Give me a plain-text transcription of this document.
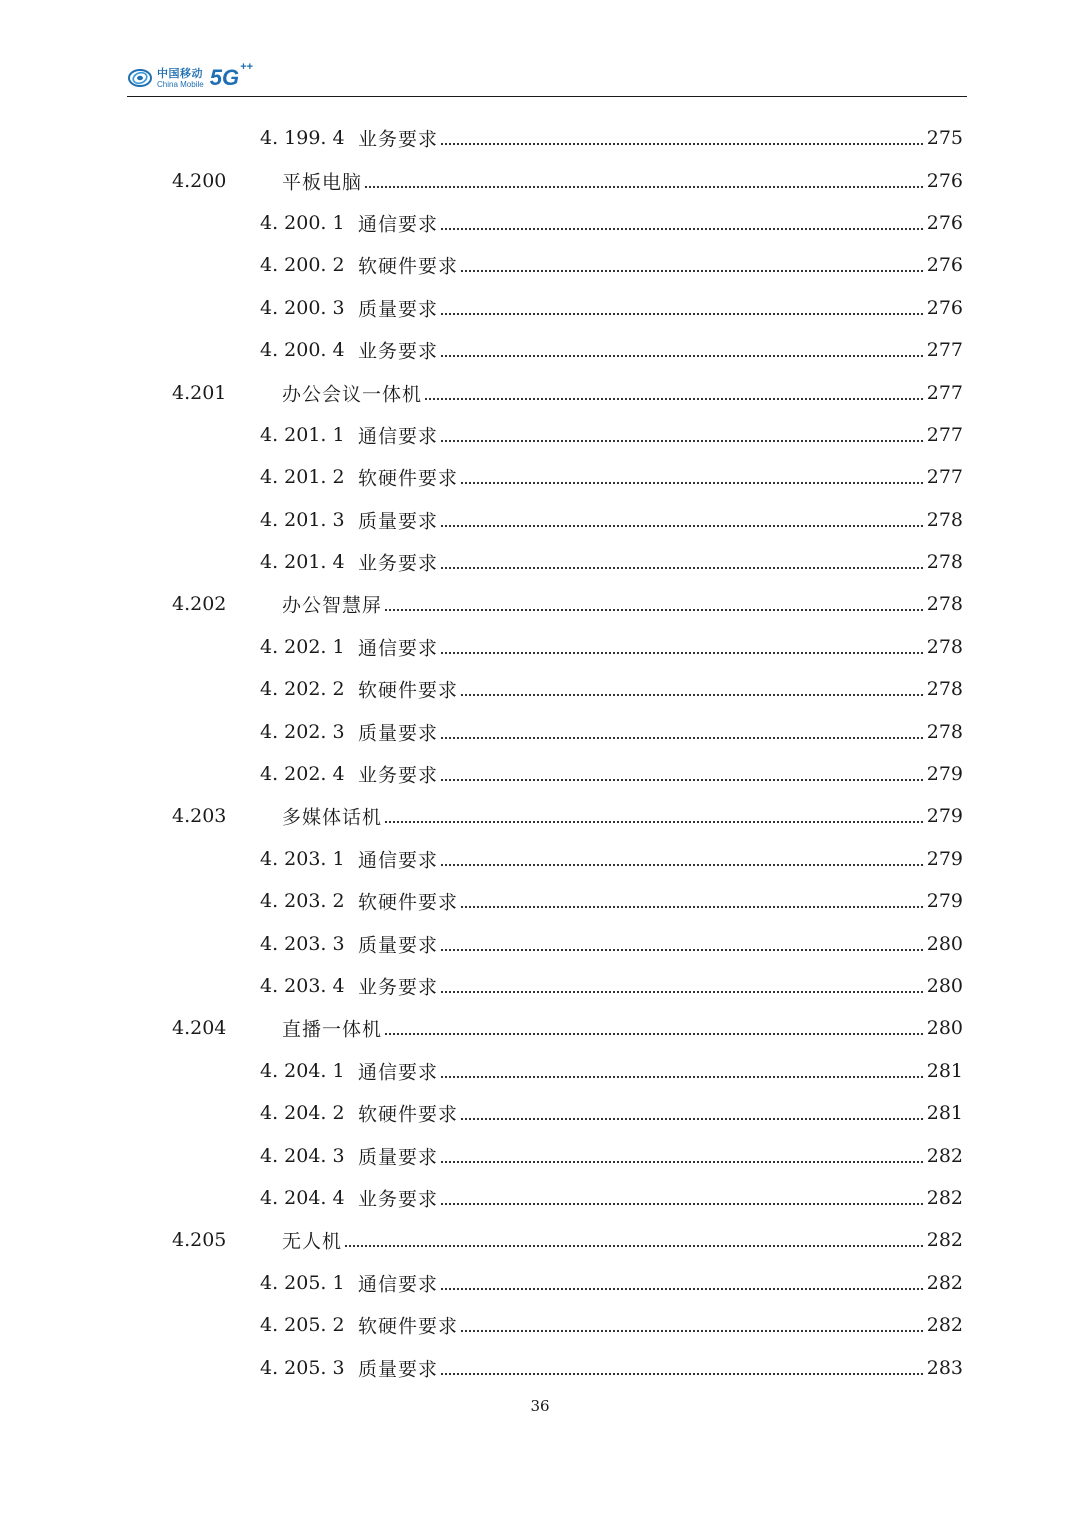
中国移动
China Mobile 5G ++
4. 199. 4 业务要求	275
4.200	平板电脑	276
4. 200. 1 通信要求	276
4. 200. 2 软硬件要求	276
4. 200. 3 质量要求	276
4. 200. 4 业务要求	277
4.201	办公会议一体机	277
4. 201. 1 通信要求	277
4. 201. 2 软硬件要求	277
4. 201. 3 质量要求	278
4. 201. 4 业务要求	278
4.202	办公智慧屏	278
4. 202. 1 通信要求	278
4. 202. 2 软硬件要求	278
4. 202. 3 质量要求	278
4. 202. 4 业务要求	279
4.203	多媒体话机	279
4. 203. 1 通信要求	279
4. 203. 2 软硬件要求	279
4. 203. 3 质量要求	280
4. 203. 4 业务要求	280
4.204	直播一体机	280
4. 204. 1 通信要求	281
4. 204. 2 软硬件要求	281
4. 204. 3 质量要求	282
4. 204. 4 业务要求	282
4.205	无人机	282
4. 205. 1 通信要求	282
4. 205. 2 软硬件要求	282
4. 205. 3 质量要求	283
36
